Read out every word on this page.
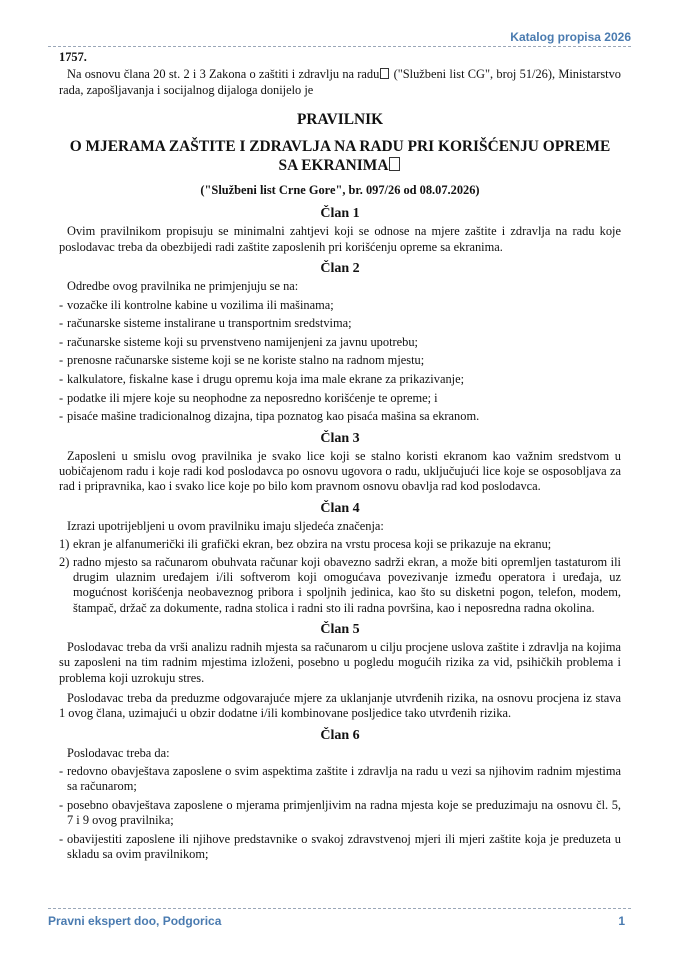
Katalog propisa 2026
1757.
Na osnovu člana 20 st. 2 i 3 Zakona o zaštiti i zdravlju na radu ("Službeni list CG", broj 51/26), Ministarstvo rada, zapošljavanja i socijalnog dijaloga donijelo je
PRAVILNIK
O MJERAMA ZAŠTITE I ZDRAVLJA NA RADU PRI KORIŠĆENJU OPREME SA EKRANIMA
("Službeni list Crne Gore", br. 097/26 od 08.07.2026)
Član 1
Ovim pravilnikom propisuju se minimalni zahtjevi koji se odnose na mjere zaštite i zdravlja na radu koje poslodavac treba da obezbijedi radi zaštite zaposlenih pri korišćenju opreme sa ekranima.
Član 2
Odredbe ovog pravilnika ne primjenjuju se na:
- vozačke ili kontrolne kabine u vozilima ili mašinama;
- računarske sisteme instalirane u transportnim sredstvima;
- računarske sisteme koji su prvenstveno namijenjeni za javnu upotrebu;
- prenosne računarske sisteme koji se ne koriste stalno na radnom mjestu;
- kalkulatore, fiskalne kase i drugu opremu koja ima male ekrane za prikazivanje;
- podatke ili mjere koje su neophodne za neposredno korišćenje te opreme; i
- pisaće mašine tradicionalnog dizajna, tipa poznatog kao pisaća mašina sa ekranom.
Član 3
Zaposleni u smislu ovog pravilnika je svako lice koji se stalno koristi ekranom kao važnim sredstvom u uobičajenom radu i koje radi kod poslodavca po osnovu ugovora o radu, uključujući lice koje se osposobljava za rad i pripravnika, kao i svako lice koje po bilo kom pravnom osnovu obavlja rad kod poslodavca.
Član 4
Izrazi upotrijebljeni u ovom pravilniku imaju sljedeća značenja:
1) ekran je alfanumerički ili grafički ekran, bez obzira na vrstu procesa koji se prikazuje na ekranu;
2) radno mjesto sa računarom obuhvata računar koji obavezno sadrži ekran, a može biti opremljen tastaturom ili drugim ulaznim uređajem i/ili softverom koji omogućava povezivanje između operatora i uređaja, uz mogućnost korišćenja neobaveznog pribora i spoljnih jedinica, kao što su disketni pogon, telefon, modem, štampač, držač za dokumente, radna stolica i radni sto ili radna površina, kao i neposredna radna okolina.
Član 5
Poslodavac treba da vrši analizu radnih mjesta sa računarom u cilju procjene uslova zaštite i zdravlja na kojima su zaposleni na tim radnim mjestima izloženi, posebno u pogledu mogućih rizika za vid, psihičkih problema i problema koji uzrokuju stres.
Poslodavac treba da preduzme odgovarajuće mjere za uklanjanje utvrđenih rizika, na osnovu procjena iz stava 1 ovog člana, uzimajući u obzir dodatne i/ili kombinovane posljedice tako utvrđenih rizika.
Član 6
Poslodavac treba da:
- redovno obavještava zaposlene o svim aspektima zaštite i zdravlja na radu u vezi sa njihovim radnim mjestima sa računarom;
- posebno obavještava zaposlene o mjerama primjenljivim na radna mjesta koje se preduzimaju na osnovu čl. 5, 7 i 9 ovog pravilnika;
- obavijestiti zaposlene ili njihove predstavnike o svakoj zdravstvenoj mjeri ili mjeri zaštite koja je preduzeta u skladu sa ovim pravilnikom;
Pravni ekspert doo, Podgorica	1
